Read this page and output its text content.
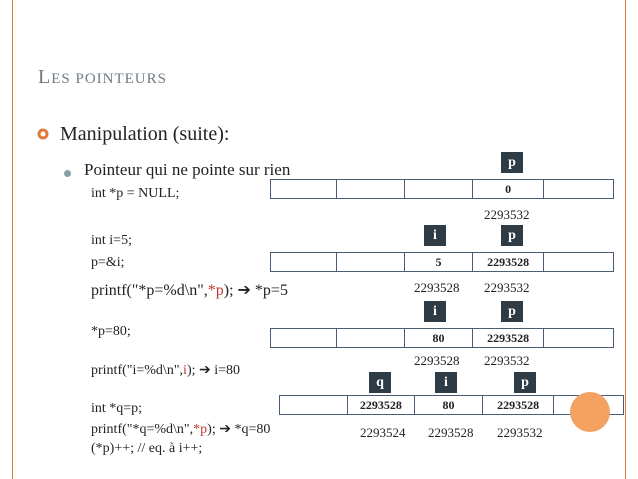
LES POINTEURS
Manipulation (suite):
Pointeur qui ne pointe sur rien
int *p = NULL;
int i=5;
p=&i;
printf("*p=%d\n",*p); ➔ *p=5
*p=80;
printf("i=%d\n",i); ➔ i=80
int *q=p;
printf("*q=%d\n",*p); ➔ *q=80
(*p)++; // eq. à i++;
p
0
2293532
i	p
5	2293528
2293528 2293532
i	p
80	2293528
2293528 2293532
q	i	p
2293528	80	2293528
2293524 2293528 2293532
